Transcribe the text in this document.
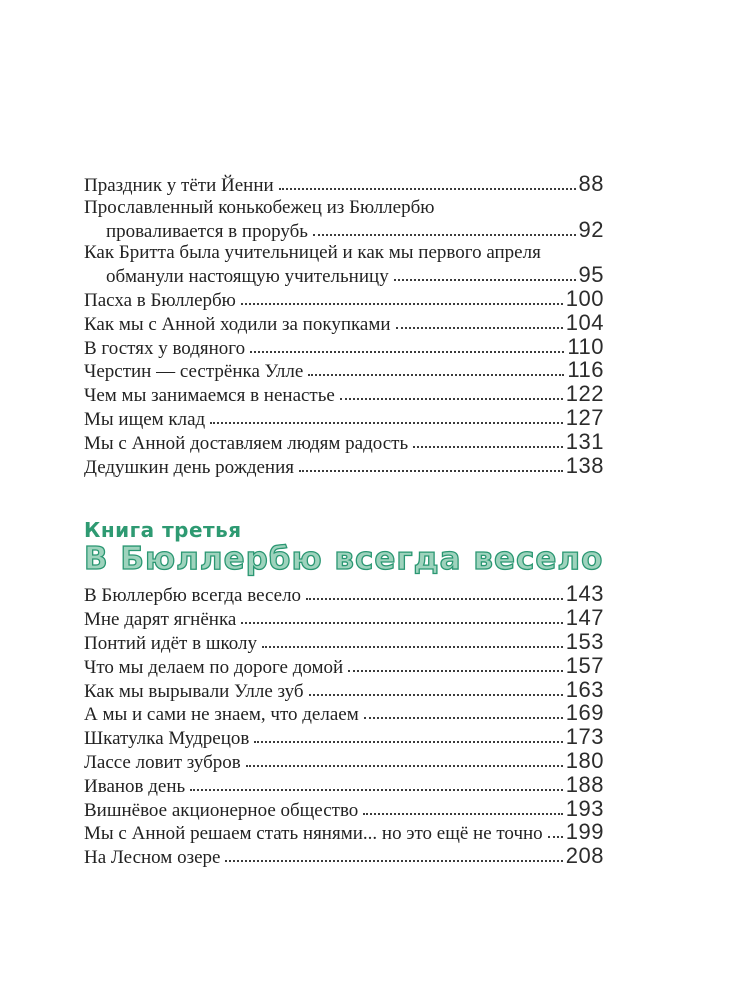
Праздник у тёти Йенни	88
Прославленный конькобежец из Бюллербю
проваливается в прорубь	92
Как Бритта была учительницей и как мы первого апреля
обманули настоящую учительницу	95
Пасха в Бюллербю	100
Как мы с Анной ходили за покупками	104
В гостях у водяного	110
Черстин — сестрёнка Улле	116
Чем мы занимаемся в ненастье	122
Мы ищем клад	127
Мы с Анной доставляем людям радость	131
Дедушкин день рождения	138
Книга третья
В Бюллербю всегда весело
В Бюллербю всегда весело	143
Мне дарят ягнёнка	147
Понтий идёт в школу	153
Что мы делаем по дороге домой	157
Как мы вырывали Улле зуб	163
А мы и сами не знаем, что делаем	169
Шкатулка Мудрецов	173
Лассе ловит зубров	180
Иванов день	188
Вишнёвое акционерное общество	193
Мы с Анной решаем стать нянями... но это ещё не точно 199
На Лесном озере	208
